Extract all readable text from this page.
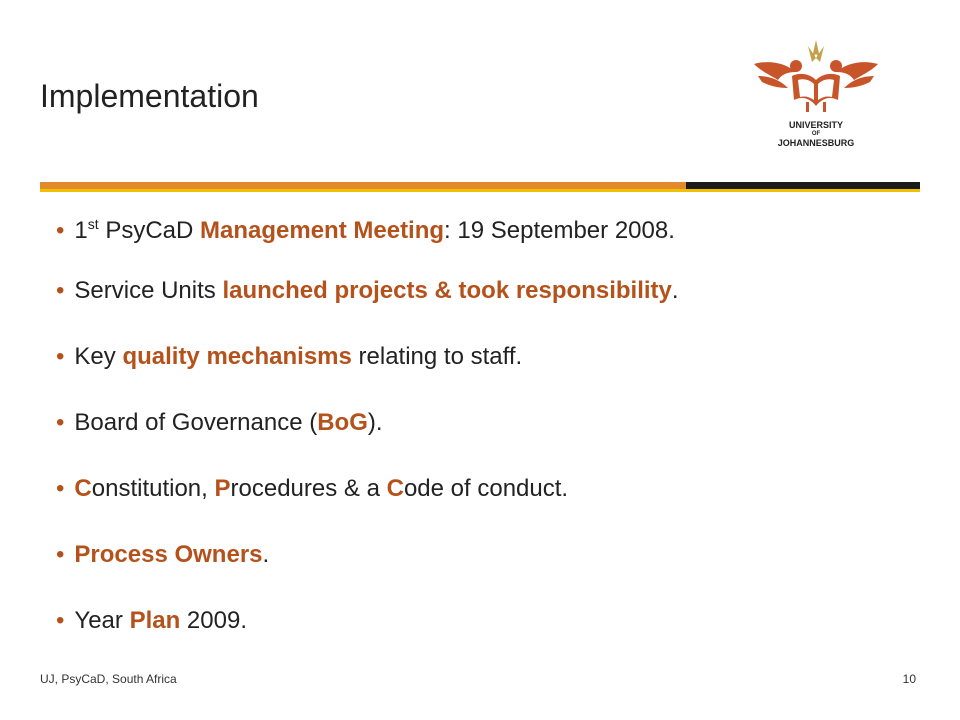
Implementation
UNIVERSITY
OF
JOHANNESBURG
• 1st PsyCaD Management Meeting: 19 September 2008.
• Service Units launched projects & took responsibility.
• Key quality mechanisms relating to staff.
• Board of Governance (BoG).
• Constitution, Procedures & a Code of conduct.
• Process Owners.
• Year Plan 2009.
UJ, PsyCaD, South Africa	10
